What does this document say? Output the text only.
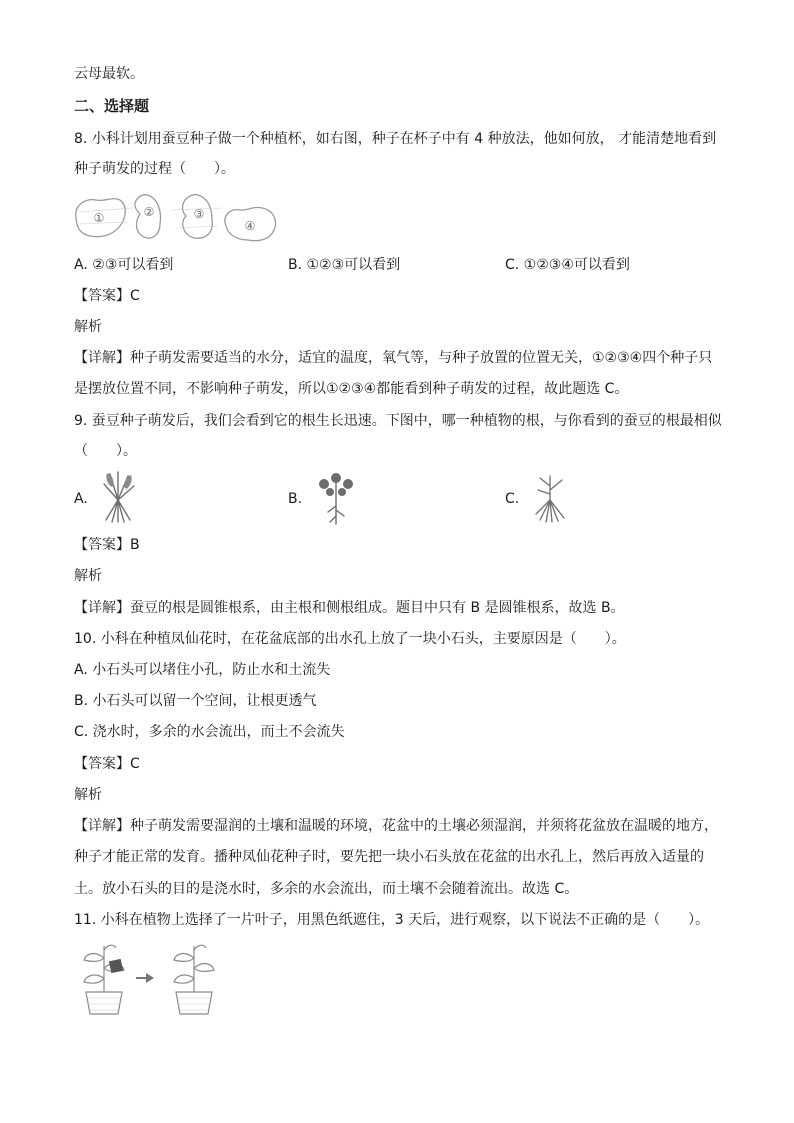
云母最软。
二、选择题
8. 小科计划用蚕豆种子做一个种植杯，如右图，种子在杯子中有 4 种放法，他如何放， 才能清楚地看到
种子萌发的过程（　　）。
①	②	③
④
A. ②③可以看到	B. ①②③可以看到	C. ①②③④可以看到
【答案】C
解析
【详解】种子萌发需要适当的水分，适宜的温度，氧气等，与种子放置的位置无关，①②③④四个种子只
是摆放位置不同，不影响种子萌发，所以①②③④都能看到种子萌发的过程，故此题选 C。
9. 蚕豆种子萌发后，我们会看到它的根生长迅速。下图中，哪一种植物的根，与你看到的蚕豆的根最相似
（　　）。
A.	B.	C.
【答案】B
解析
【详解】蚕豆的根是圆锥根系，由主根和侧根组成。题目中只有 B 是圆锥根系，故选 B。
10. 小科在种植凤仙花时，在花盆底部的出水孔上放了一块小石头，主要原因是（　　）。
A. 小石头可以堵住小孔，防止水和土流失
B. 小石头可以留一个空间，让根更透气
C. 浇水时，多余的水会流出，而土不会流失
【答案】C
解析
【详解】种子萌发需要湿润的土壤和温暖的环境，花盆中的土壤必须湿润，并须将花盆放在温暖的地方，
种子才能正常的发育。播种凤仙花种子时，要先把一块小石头放在花盆的出水孔上，然后再放入适量的
土。放小石头的目的是浇水时，多余的水会流出，而土壤不会随着流出。故选 C。
11. 小科在植物上选择了一片叶子，用黑色纸遮住，3 天后，进行观察，以下说法不正确的是（　　）。
